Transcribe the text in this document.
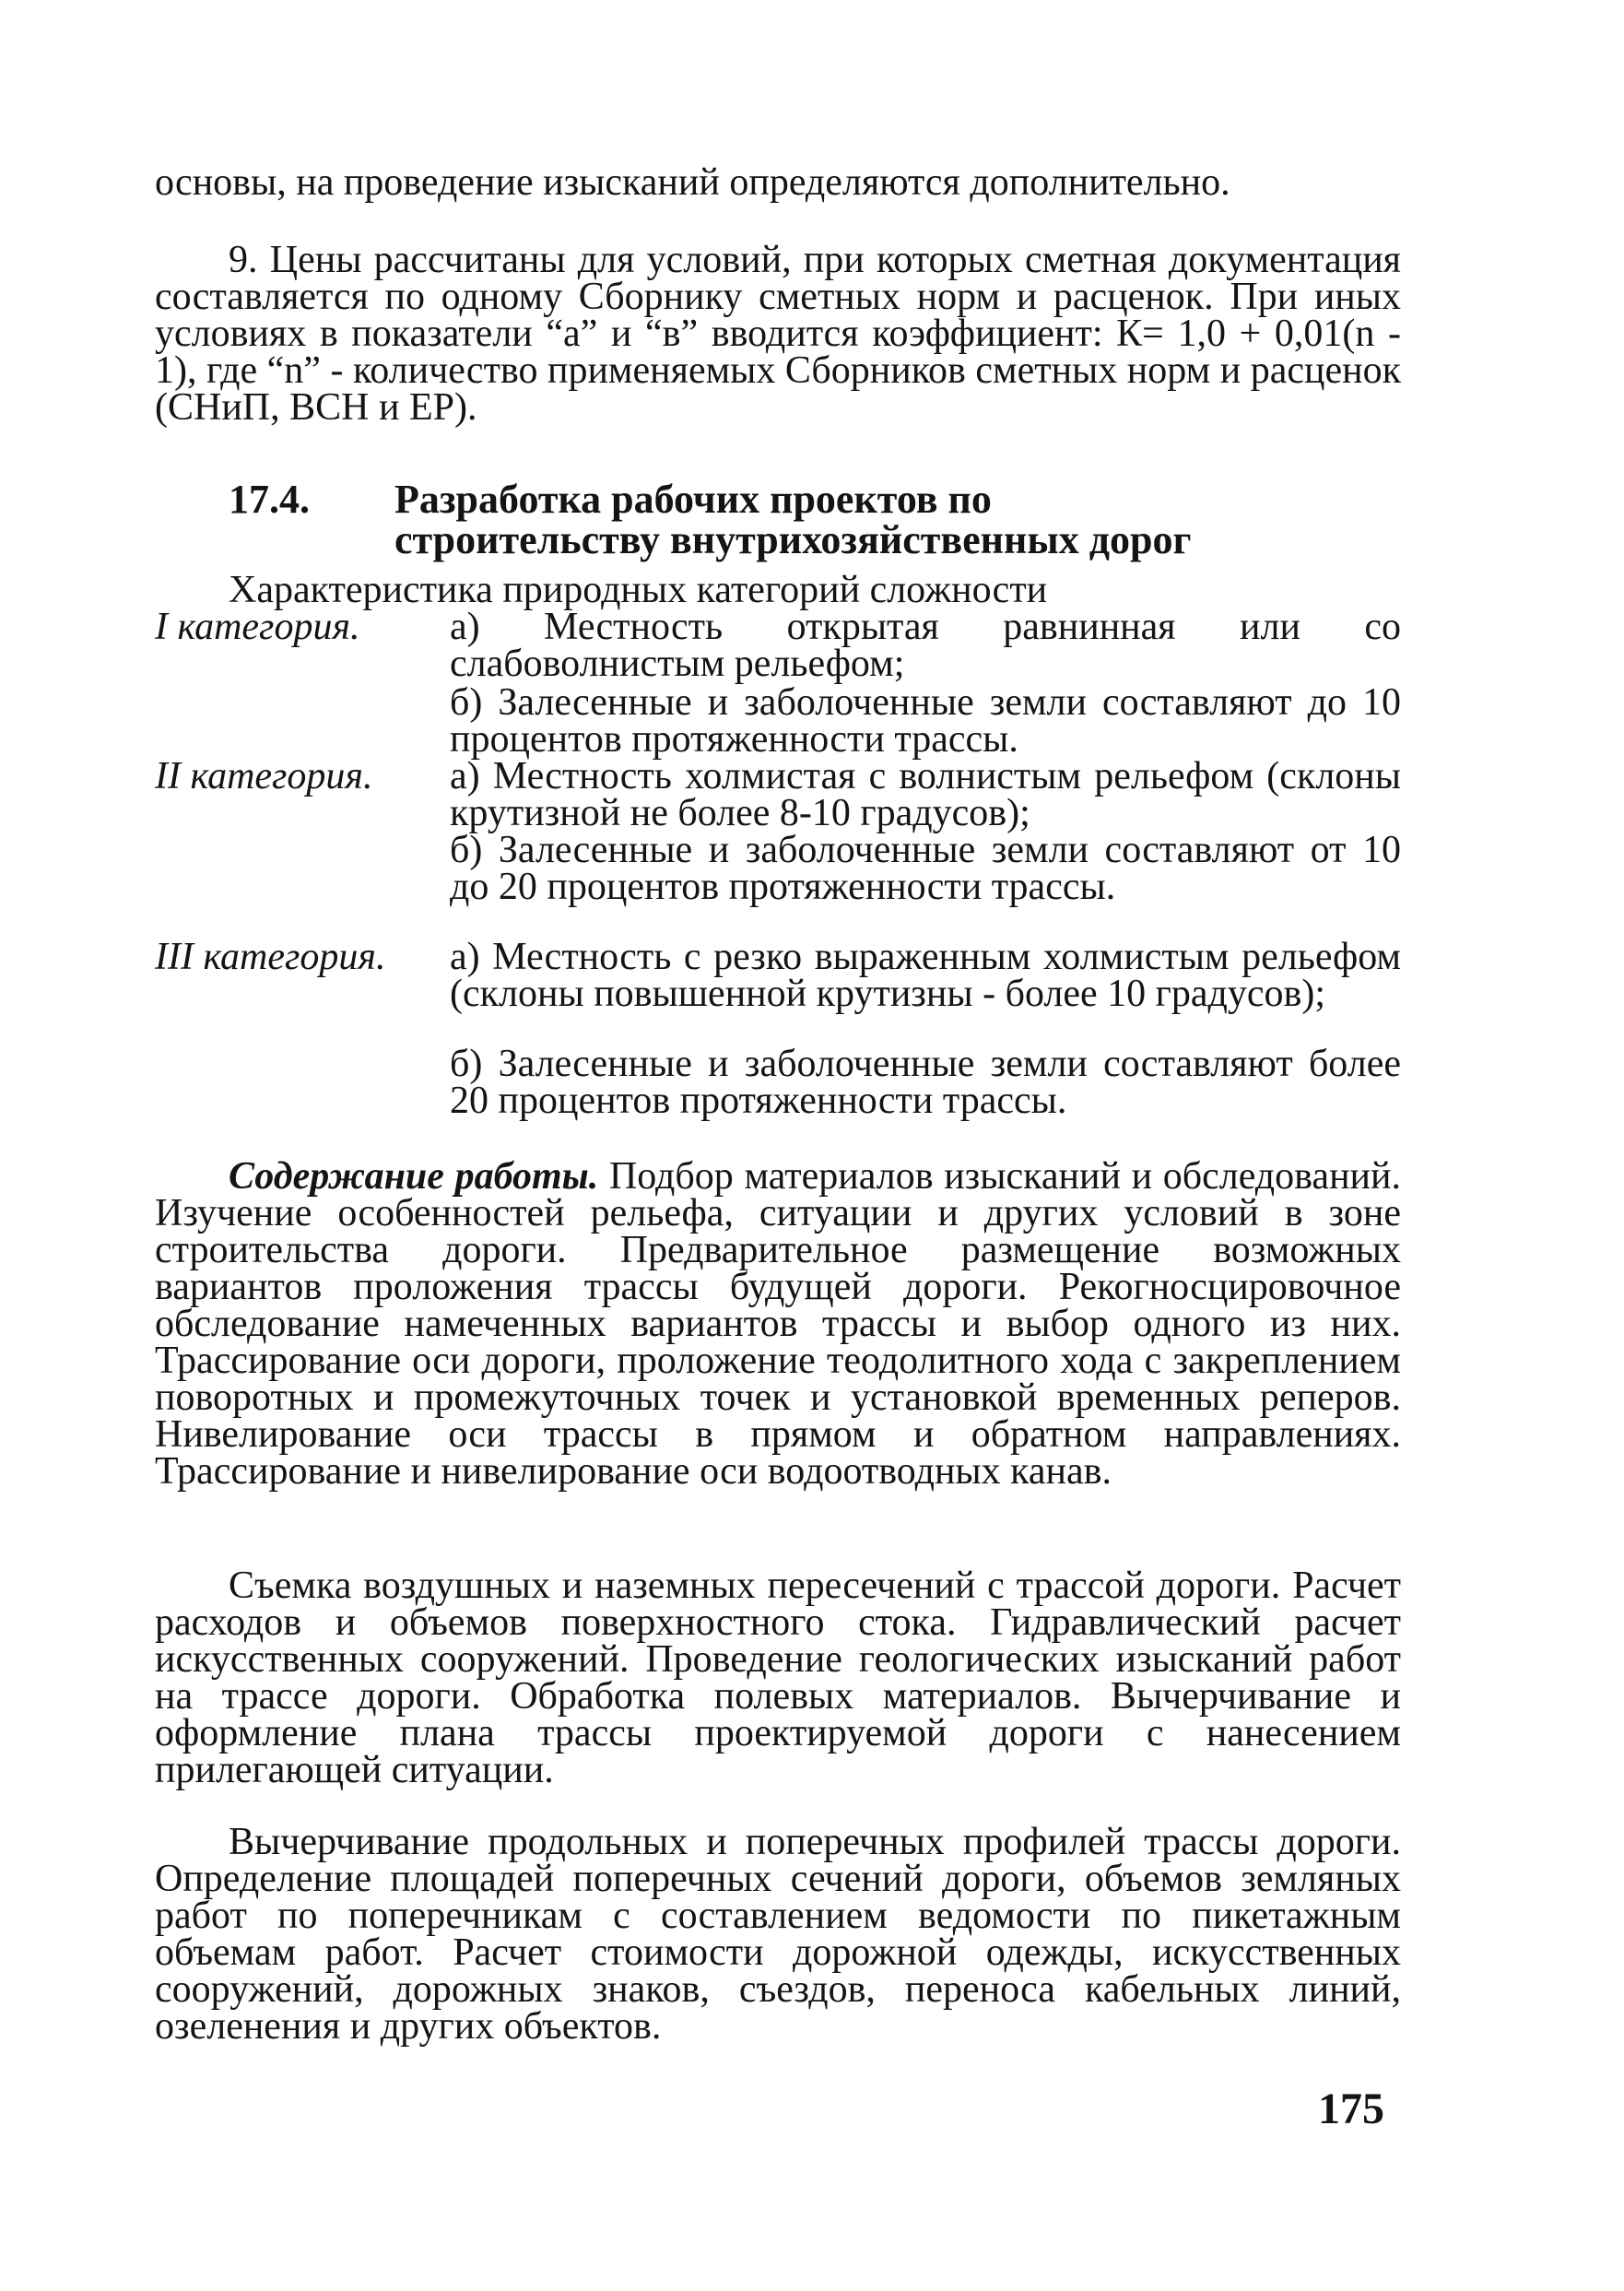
основы, на проведение изысканий определяются дополнительно.

9. Цены рассчитаны для условий, при которых сметная документация составляется по одному Сборнику сметных норм и расценок. При иных условиях в показатели “а” и “в” вводится коэффициент: К= 1,0 + 0,01(n - 1), где “n” - количество применяемых Сборников сметных норм и расценок (СНиП, ВСН и ЕР).

17.4. Разработка рабочих проектов по
строительству внутрихозяйственных дорог
Характеристика природных категорий сложности
I категория.	а) Местность открытая равнинная или со слабоволнистым рельефом;
б) Залесенные и заболоченные земли составляют до 10 процентов протяженности трассы.
II категория.	а) Местность холмистая с волнистым рельефом (склоны крутизной не более 8-10 градусов);
б) Залесенные и заболоченные земли составляют от 10 до 20 процентов протяженности трассы.
III категория.	а) Местность с резко выраженным холмистым рельефом (склоны повышенной крутизны - более 10 градусов);
б) Залесенные и заболоченные земли составляют более 20 процентов протяженности трассы.

Содержание работы. Подбор материалов изысканий и обследований. Изучение особенностей рельефа, ситуации и других условий в зоне строительства дороги. Предварительное размещение возможных вариантов проложения трассы будущей дороги. Рекогносцировочное обследование намеченных вариантов трассы и выбор одного из них. Трассирование оси дороги, проложение теодолитного хода с закреплением поворотных и промежуточных точек и установкой временных реперов. Нивелирование оси трассы в прямом и обратном направлениях. Трассирование и нивелирование оси водоотводных канав.

Съемка воздушных и наземных пересечений с трассой дороги. Расчет расходов и объемов поверхностного стока. Гидравлический расчет искусственных сооружений. Проведение геологических изысканий работ на трассе дороги. Обработка полевых материалов. Вычерчивание и оформление плана трассы проектируемой дороги с нанесением прилегающей ситуации.

Вычерчивание продольных и поперечных профилей трассы дороги. Определение площадей поперечных сечений дороги, объемов земляных работ по поперечникам с составлением ведомости по пикетажным объемам работ. Расчет стоимости дорожной одежды, искусственных сооружений, дорожных знаков, съездов, переноса кабельных линий, озеленения и других объектов.

175
